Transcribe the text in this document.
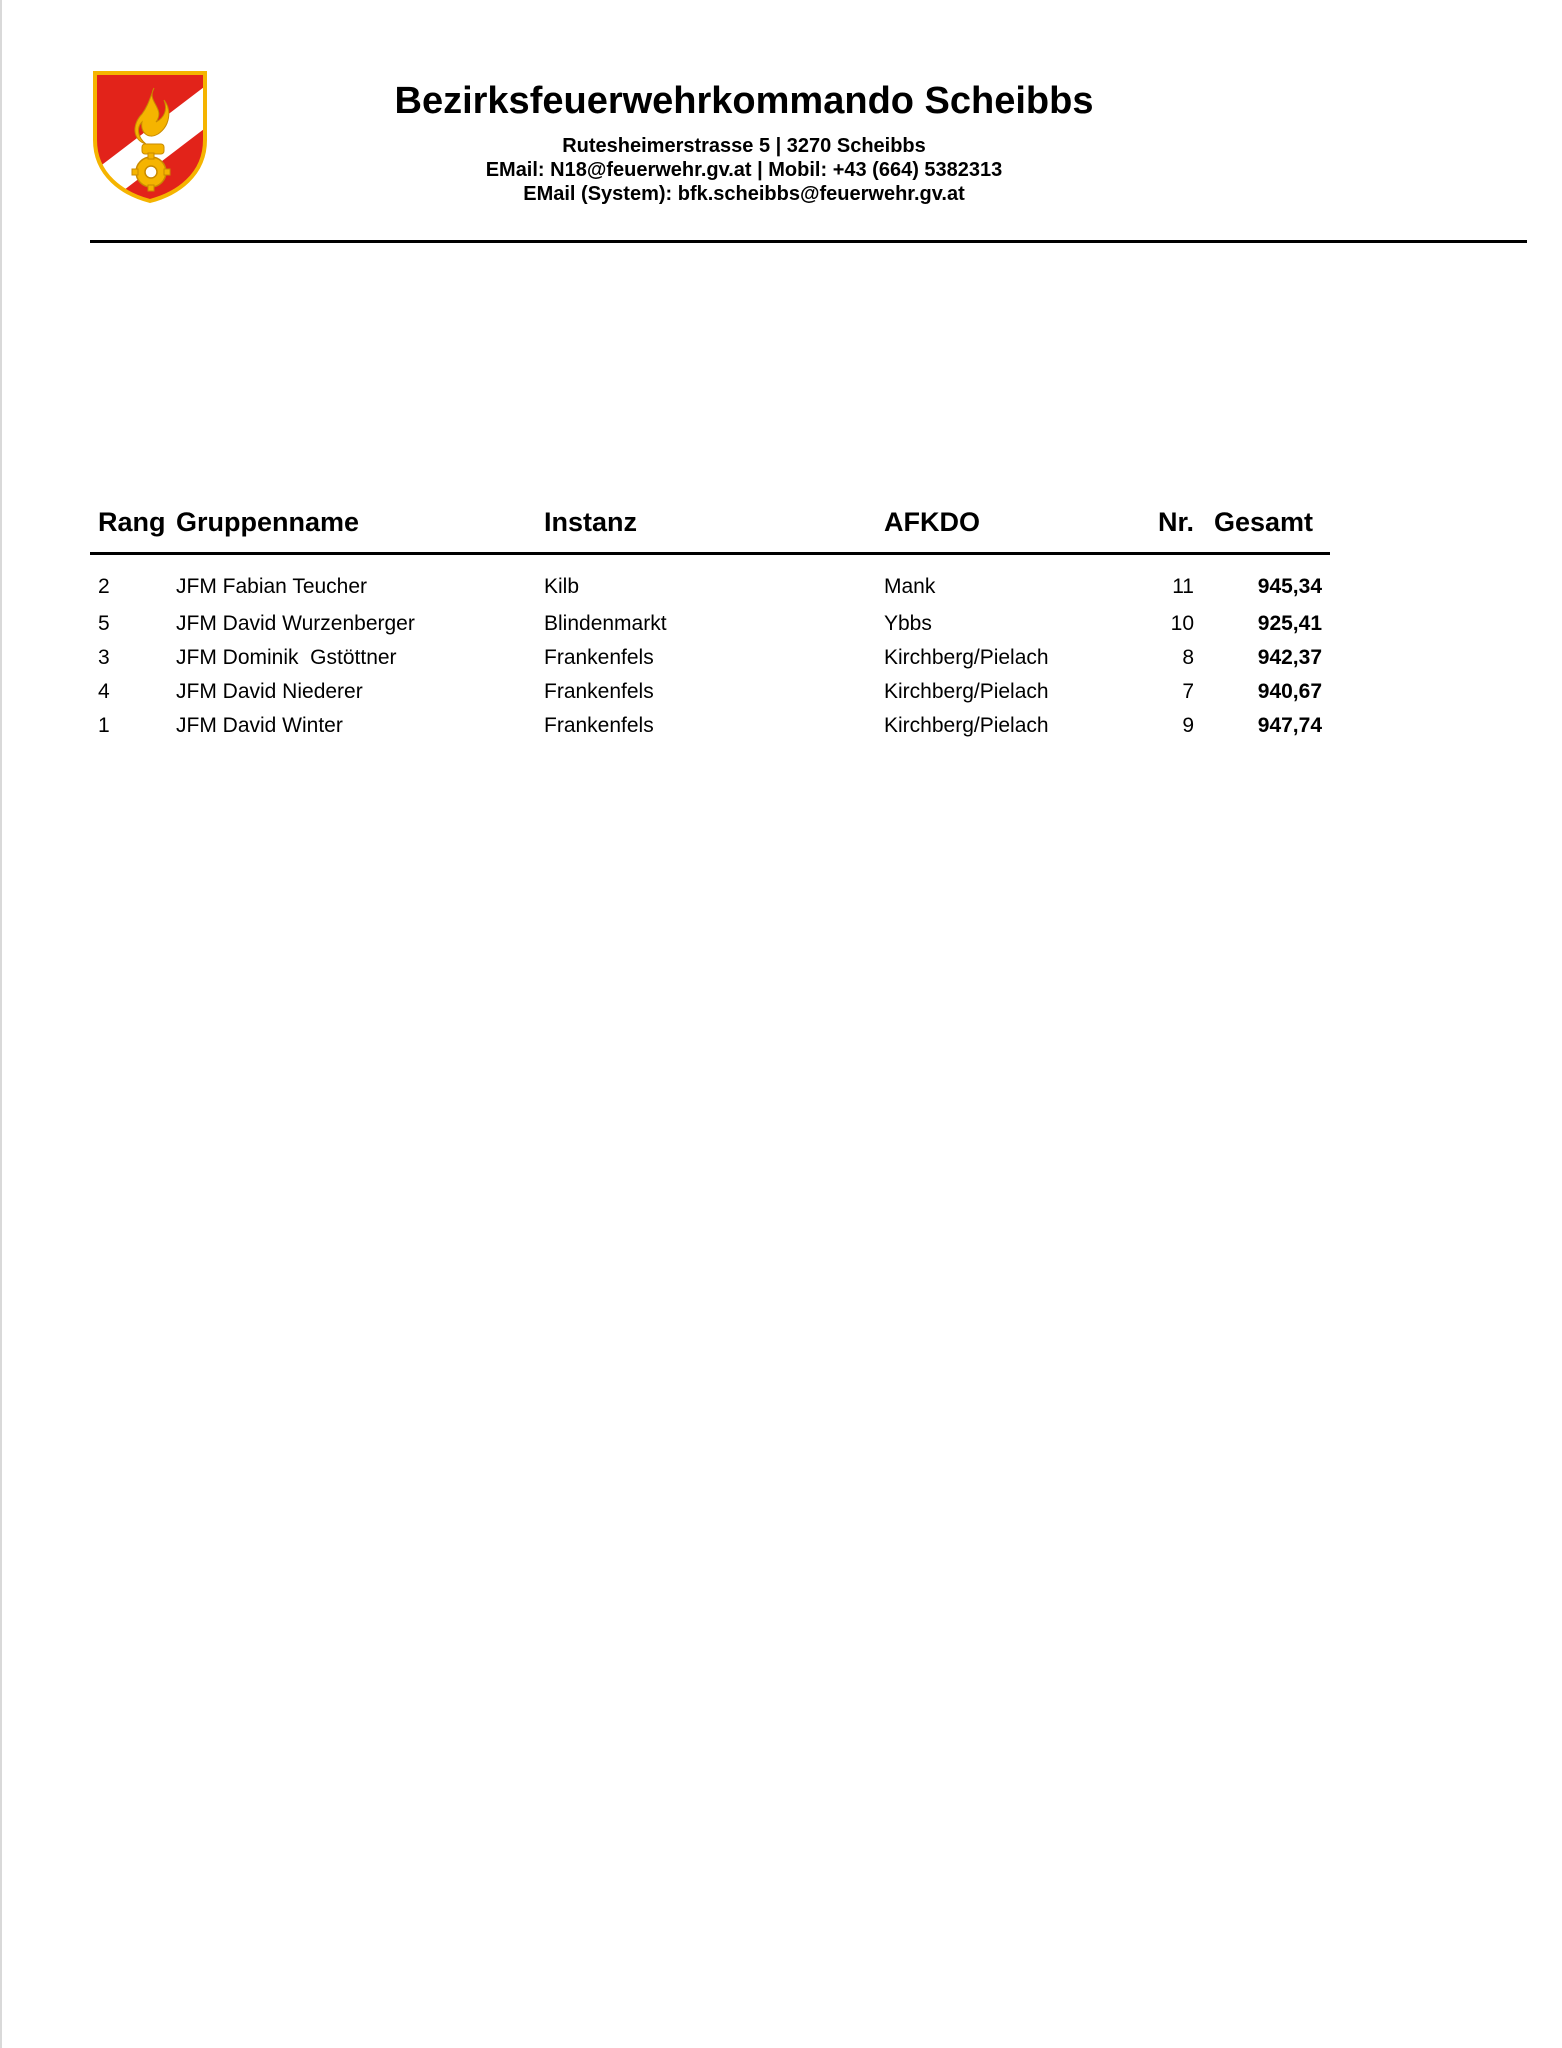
Bezirksfeuerwehrkommando Scheibbs
Rutesheimerstrasse 5 | 3270 Scheibbs
EMail: N18@feuerwehr.gv.at | Mobil: +43 (664) 5382313
EMail (System): bfk.scheibbs@feuerwehr.gv.at
Rang	Gruppenname	Instanz	AFKDO	Nr.	Gesamt
2	JFM Fabian Teucher	Kilb	Mank	11	945,34
5	JFM David Wurzenberger	Blindenmarkt	Ybbs	10	925,41
3	JFM Dominik  Gstöttner	Frankenfels	Kirchberg/Pielach	8	942,37
4	JFM David Niederer	Frankenfels	Kirchberg/Pielach	7	940,67
1	JFM David Winter	Frankenfels	Kirchberg/Pielach	9	947,74
